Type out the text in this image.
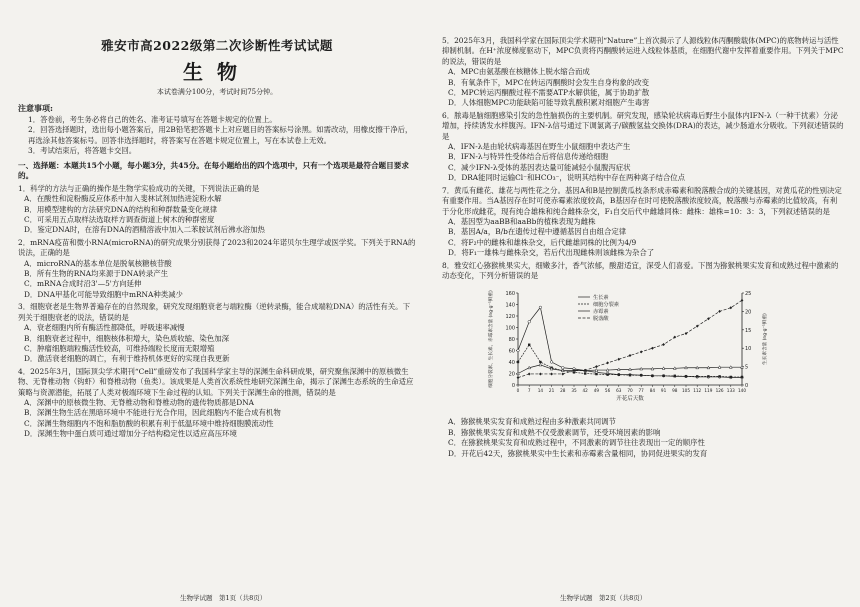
雅安市高2022级第二次诊断性考试试题
生物
本试卷满分100分，考试时间75分钟。
注意事项:

1．答卷前，考生务必将自己的姓名、准考证号填写在答题卡规定的位置上。

2．回答选择题时，选出每小题答案后，用2B铅笔把答题卡上对应题目的答案标号涂黑。如需改动，用橡皮擦干净后，再选涂其他答案标号。回答非选择题时，将答案写在答题卡规定位置上，写在本试卷上无效。

3．考试结束后，将答题卡交回。

一、选择题：本题共15个小题，每小题3分，共45分。在每小题给出的四个选项中，只有一个选项是最符合题目要求的。

1．科学的方法与正确的操作是生物学实验成功的关键，下列说法正确的是

A．在酸性和淀粉酶反应体系中加入斐林试剂加热进淀粉水解

B．用模型建构的方法研究DNA的结构和种群数量变化规律

C．可采用五点取样法选取样方调查街道上树木的种群密度

D．鉴定DNA时，在溶有DNA的酒精溶液中加入二苯胺试剂后沸水浴加热

2．mRNA疫苗和微小RNA(microRNA)的研究成果分别获得了2023和2024年诺贝尔生理学或医学奖。下列关于RNA的说法，正确的是

A．microRNA的基本单位是脱氧核糖核苷酸

B．所有生物的RNA均来源于DNA转录产生

C．mRNA合成时沿3'—5'方向延伸

D．DNA甲基化可能导致细胞中mRNA种类减少

3．细胞衰老是生物界普遍存在的自然现象，研究发现细胞衰老与端粒酶（逆转录酶，能合成端粒DNA）的活性有关。下列关于细胞衰老的说法，错误的是

A．衰老细胞内所有酶活性都降低，呼吸速率减慢

B．细胞衰老过程中，细胞核体积增大，染色质收缩、染色加深

C．肿瘤细胞端粒酶活性较高，可维持端粒长度而无限增殖

D．激活衰老细胞的凋亡，有利于维持机体更好的实现自我更新

4．2025年3月，国际顶尖学术期刊“Cell”重磅发布了我国科学家主导的深渊生命科研成果，研究聚焦深渊中的原核微生物、无脊椎动物（钩虾）和脊椎动物（鱼类）。该成果是人类首次系统性地研究深渊生命，揭示了深渊生态系统的生命适应策略与资源潜能，拓展了人类对极端环境下生命过程的认知。下列关于深渊生命的推测，错误的是

A．深渊中的原核微生物、无脊椎动物和脊椎动物的遗传物质都是DNA

B．深渊生物生活在黑暗环境中不能进行光合作用，因此细胞内不能合成有机物

C．深渊生物细胞内不饱和脂肪酸的积累有利于低温环境中维持细胞膜流动性

D．深渊生物中蛋白质可通过增加分子结构稳定性以适应高压环境

5．2025年3月，我国科学家在国际顶尖学术期刊“Nature”上首次揭示了人源线粒体丙酮酸载体(MPC)的底物转运与活性抑制机制。在H⁺浓度梯度驱动下，MPC负责将丙酮酸转运进入线粒体基质，在细胞代谢中发挥着重要作用。下列关于MPC的说法，错误的是

A．MPC由氨基酸在核糖体上脱水缩合而成

B．有氧条件下，MPC在转运丙酮酸时会发生自身构象的改变

C．MPC转运丙酮酸过程不需要ATP水解供能，属于协助扩散

D．人体细胞MPC功能缺陷可能导致乳酸积累对细胞产生毒害

6．脓毒是脑细胞感染引发的急性脑损伤的主要机制。研究发现，感染轮状病毒后野生小鼠体内IFN-λ（一种干扰素）分泌增加，持续诱发水样腹泻。IFN-λ信号通过下调氯离子/碳酸氢盐交换体(DRA)的表达，减少肠道水分吸收。下列叙述错误的是

A．IFN-λ是由轮状病毒基因在野生小鼠细胞中表达产生

B．IFN-λ与特异性受体结合后将信息传递给细胞

C．减少IFN-λ受体的基因表达量可能减轻小鼠腹泻症状

D．DRA能同时运输Cl⁻和HCO₃⁻，说明其结构中存在两种离子结合位点

7．黄瓜有雌花、雄花与两性花之分。基因A和B是控制黄瓜枝条形成赤霉素和脱落酸合成的关键基因，对黄瓜花的性别决定有重要作用。当A基因存在时可使赤霉素浓度较高，B基因存在时可使脱落酸浓度较高，脱落酸与赤霉素的比值较高，有利于分化形成雌花，现有纯合雄株和纯合雌株杂交，F₁自交后代中雌雄同株：雌株：雄株=10：3：3，下列叙述错误的是

A．基因型为aaBB和aaBb的植株表现为雌株

B．基因A/a，B/b在遗传过程中遵循基因自由组合定律

C．将F₂中的雌株和雄株杂交，后代雌雄同株的比例为4/9

D．将F₁一雄株与雌株杂交，若后代出现雌株则该雌株为杂合了

8．雅安红心猕猴桃果实大，细嫩多汁，香气浓郁，酸甜适宜，深受人们喜爱。下图为猕猴桃果实发育和成熟过程中激素的动态变化，下列分析错误的是

0
20
40
60
80
100
120
140
160
0
5
10
15
20
25
0 7 14 21 28 35 42 49 56 63 70 77 84 91 98 105 112 119 126 133 140
开花后天数
细胞分裂素、生长素、赤霉素含量 (ng·g⁻¹鲜重)	生长素含量 (ng·g⁻¹鲜重)
生长素
细胞分裂素
赤霉素
脱落酸

A．猕猴桃果实发育和成熟过程由多种激素共同调节

B．猕猴桃果实发育和成熟不仅受激素调节，还受环境因素的影响

C．在猕猴桃果实发育和成熟过程中，不同激素的调节往往表现出一定的顺序性

D．开花后42天，猕猴桃果实中生长素和赤霉素含量相同，协同促进果实的发育

生物学试题　第1页（共8页）	生物学试题　第2页（共8页）
